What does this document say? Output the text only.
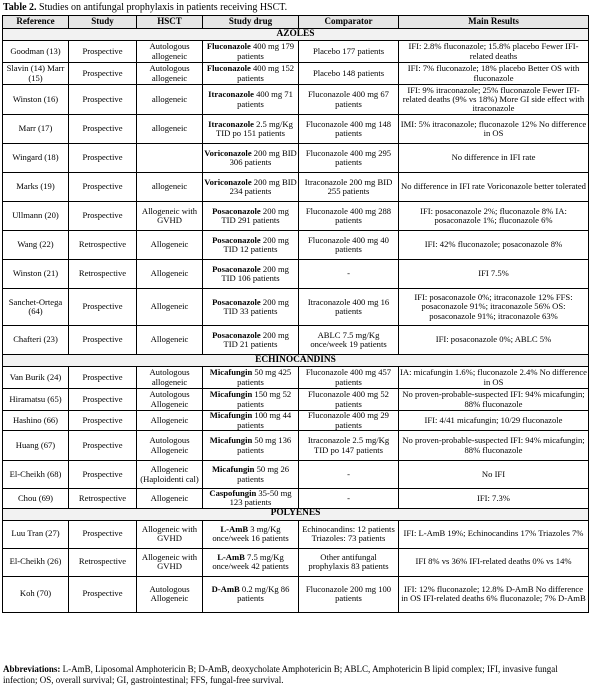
Table 2. Studies on antifungal prophylaxis in patients receiving HSCT.
Reference	Study	HSCT	Study drug	Comparator	Main Results
AZOLES					
Goodman (13)	Prospective	Autologous allogeneic	Fluconazole 400 mg 179 patients	Placebo 177 patients	IFI: 2.8% fluconazole; 15.8% placebo Fewer IFI-related deaths
Slavin (14) Marr (15)	Prospective	Autologous allogeneic	Fluconazole 400 mg 152 patients	Placebo 148 patients	IFI: 7% fluconazole; 18% placebo Better OS with fluconazole
Winston (16)	Prospective	allogeneic	Itraconazole 400 mg 71 patients	Fluconazole 400 mg 67 patients	IFI: 9% itraconazole; 25% fluconazole Fewer IFI-related deaths (9% vs 18%) More GI side effect with itraconazole
Marr (17)	Prospective	allogeneic	Itraconazole 2.5 mg/Kg TID po 151 patients	Fluconazole 400 mg 148 patients	IMI: 5% itraconazole; fluconazole 12% No difference in OS
Wingard (18)	Prospective		Voriconazole 200 mg BID 306 patients	Fluconazole 400 mg 295 patients	No difference in IFI rate
Marks (19)	Prospective	allogeneic	Voriconazole 200 mg BID 234 patients	Itraconazole 200 mg BID 255 patients	No difference in IFI rate Voriconazole better tolerated
Ullmann (20)	Prospective	Allogeneic with GVHD	Posaconazole 200 mg TID 291 patients	Fluconazole 400 mg 288 patients	IFI: posaconazole 2%; fluconazole 8% IA: posaconazole 1%; fluconazole 6%
Wang (22)	Retrospective	Allogeneic	Posaconazole 200 mg TID 12 patients	Fluconazole 400 mg 40 patients	IFI: 42% fluconazole; posaconazole 8%
Winston (21)	Retrospective	Allogeneic	Posaconazole 200 mg TID 106 patients	-	IFI 7.5%
Sanchet-Ortega (64)	Prospective	Allogeneic	Posaconazole 200 mg TID 33 patients	Itraconazole 400 mg 16 patients	IFI: posaconazole 0%; itraconazole 12% FFS: posaconazole 91%; itraconazole 56% OS: posaconazole 91%; itraconazole 63%
Chafteri (23)	Prospective	Allogeneic	Posaconazole 200 mg TID 21 patients	ABLC 7.5 mg/Kg once/week 19 patients	IFI: posaconazole 0%; ABLC 5%
ECHINOCANDINS					
Van Burik (24)	Prospective	Autologous allogeneic	Micafungin 50 mg 425 patients	Fluconazole 400 mg 457 patients	IA: micafungin 1.6%; fluconazole 2.4% No difference in OS
Hiramatsu (65)	Prospective	Autologous Allogeneic	Micafungin 150 mg 52 patients	Fluconazole 400 mg 52 patients	No proven-probable-suspected IFI: 94% micafungin; 88% fluconazole
Hashino (66)	Prospective	Allogeneic	Micafungin 100 mg 44 patients	Fluconazole 400 mg 29 patients	IFI: 4/41 micafungin; 10/29 fluconazole
Huang (67)	Prospective	Autologous Allogeneic	Micafungin 50 mg 136 patients	Itraconazole 2.5 mg/Kg TID po 147 patients	No proven-probable-suspected IFI: 94% micafungin; 88% fluconazole
El-Cheikh (68)	Prospective	Allogeneic (Haploidenti cal)	Micafungin 50 mg 26 patients	-	No IFI
Chou (69)	Retrospective	Allogeneic	Caspofungin 35-50 mg 123 patients	-	IFI: 7.3%
POLYENES					
Luu Tran (27)	Prospective	Allogeneic with GVHD	L-AmB 3 mg/Kg once/week 16 patients	Echinocandins: 12 patients Triazoles: 73 patients	IFI: L-AmB 19%; Echinocandins 17% Triazoles 7%
El-Cheikh (26)	Retrospective	Allogeneic with GVHD	L-AmB 7.5 mg/Kg once/week 42 patients	Other antifungal prophylaxis 83 patients	IFI 8% vs 36% IFI-related deaths 0% vs 14%
Koh (70)	Prospective	Autologous Allogeneic	D-AmB 0.2 mg/Kg 86 patients	Fluconazole 200 mg 100 patients	IFI: 12% fluconazole; 12.8% D-AmB No difference in OS IFI-related deaths 6% fluconazole; 7% D-AmB
Abbreviations: L-AmB, Liposomal Amphotericin B; D-AmB, deoxycholate Amphotericin B; ABLC, Amphotericin B lipid complex; IFI, invasive fungal infection; OS, overall survival; GI, gastrointestinal; FFS, fungal-free survival.
